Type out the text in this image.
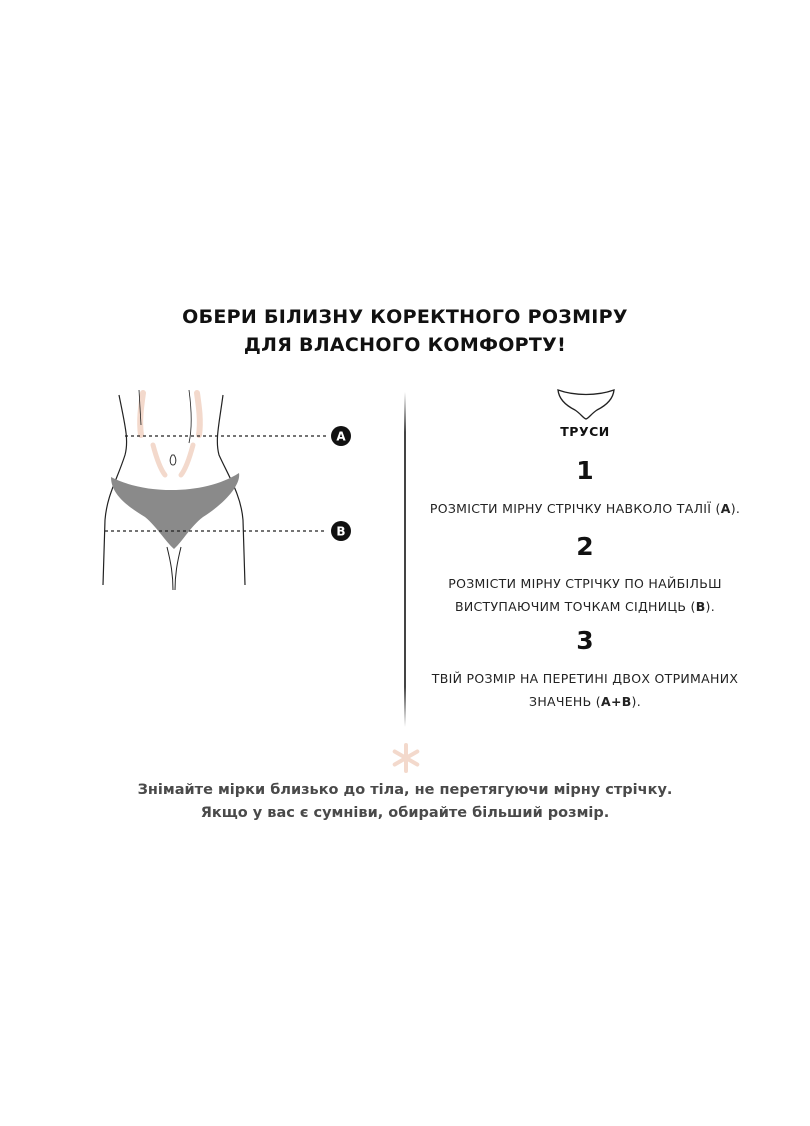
ОБЕРИ БІЛИЗНУ КОРЕКТНОГО РОЗМІРУ
ДЛЯ ВЛАСНОГО КОМФОРТУ!
A
B
ТРУСИ
1
РОЗМІСТИ МІРНУ СТРІЧКУ НАВКОЛО ТАЛІЇ (A).
2
РОЗМІСТИ МІРНУ СТРІЧКУ ПО НАЙБІЛЬШ
ВИСТУПАЮЧИМ ТОЧКАМ СІДНИЦЬ (B).
3
ТВІЙ РОЗМІР НА ПЕРЕТИНІ ДВОХ ОТРИМАНИХ
ЗНАЧЕНЬ (A+B).
Знімайте мірки близько до тіла, не перетягуючи мірну стрічку.
Якщо у вас є сумніви, обирайте більший розмір.
